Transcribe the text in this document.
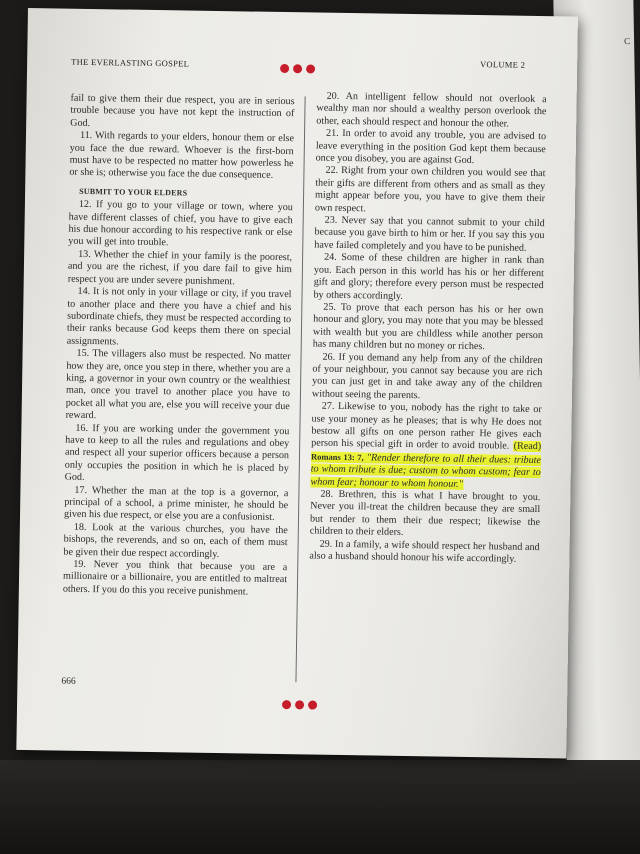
C
THE EVERLASTING GOSPEL	VOLUME 2

fail to give them their due respect, you are in serious trouble because you have not kept the instruction of God.

11. With regards to your elders, honour them or else you face the due reward. Whoever is the first-born must have to be respected no matter how powerless he or she is; otherwise you face the due consequence.

SUBMIT TO YOUR ELDERS

12. If you go to your village or town, where you have different classes of chief, you have to give each his due honour according to his respective rank or else you will get into trouble.

13. Whether the chief in your family is the poorest, and you are the richest, if you dare fail to give him respect you are under severe punishment.

14. It is not only in your village or city, if you travel to another place and there you have a chief and his subordinate chiefs, they must be respected according to their ranks because God keeps them there on special assignments.

15. The villagers also must be respected. No matter how they are, once you step in there, whether you are a king, a governor in your own country or the wealthiest man, once you travel to another place you have to pocket all what you are, else you will receive your due reward.

16. If you are working under the government you have to keep to all the rules and regulations and obey and respect all your superior officers because a person only occupies the position in which he is placed by God.

17. Whether the man at the top is a governor, a principal of a school, a prime minister, he should be given his due respect, or else you are a confusionist.

18. Look at the various churches, you have the bishops, the reverends, and so on, each of them must be given their due respect accordingly.

19. Never you think that because you are a millionaire or a billionaire, you are entitled to maltreat others. If you do this you receive punishment.

20. An intelligent fellow should not overlook a wealthy man nor should a wealthy person overlook the other, each should respect and honour the other.

21. In order to avoid any trouble, you are advised to leave everything in the position God kept them because once you disobey, you are against God.

22. Right from your own children you would see that their gifts are different from others and as small as they might appear before you, you have to give them their own respect.

23. Never say that you cannot submit to your child because you gave birth to him or her. If you say this you have failed completely and you have to be punished.

24. Some of these children are higher in rank than you. Each person in this world has his or her different gift and glory; therefore every person must be respected by others accordingly.

25. To prove that each person has his or her own honour and glory, you may note that you may be blessed with wealth but you are childless while another person has many children but no money or riches.

26. If you demand any help from any of the children of your neighbour, you cannot say because you are rich you can just get in and take away any of the children without seeing the parents.

27. Likewise to you, nobody has the right to take or use your money as he pleases; that is why He does not bestow all gifts on one person rather He gives each person his special gift in order to avoid trouble. (Read) Romans 13: 7, "Render therefore to all their dues: tribute to whom tribute is due; custom to whom custom; fear to whom fear; honour to whom honour."

28. Brethren, this is what I have brought to you. Never you ill-treat the children because they are small but render to them their due respect; likewise the children to their elders.

29. In a family, a wife should respect her husband and also a husband should honour his wife accordingly.

666
